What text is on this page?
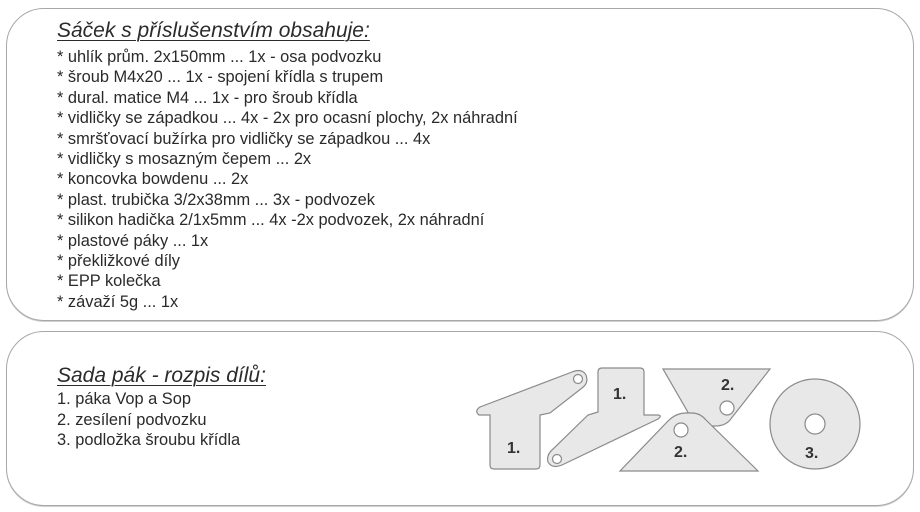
Sáček s příslušenstvím obsahuje:
* uhlík prům. 2x150mm ... 1x - osa podvozku
* šroub M4x20 ... 1x - spojení křídla s trupem
* dural. matice M4 ... 1x - pro šroub křídla
* vidličky se západkou ... 4x - 2x pro ocasní plochy, 2x náhradní
* smršťovací bužírka pro vidličky se západkou ... 4x
* vidličky s mosazným čepem ... 2x
* koncovka bowdenu ... 2x
* plast. trubička 3/2x38mm ... 3x - podvozek
* silikon hadička 2/1x5mm ... 4x -2x podvozek, 2x náhradní
* plastové páky ... 1x
* překližkové díly
* EPP kolečka
* závaží 5g ... 1x
Sada pák - rozpis dílů:
1. páka Vop a Sop
2. zesílení podvozku
3. podložka šroubu křídla	1.
1.
2.
2.	3.
